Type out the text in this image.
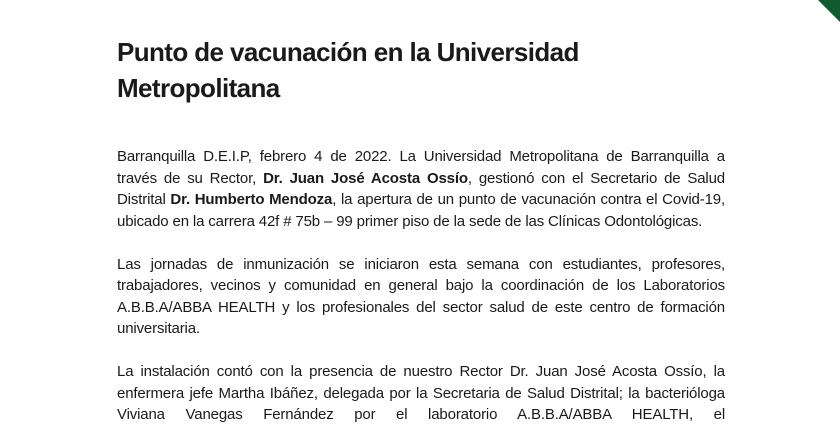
Punto de vacunación en la Universidad Metropolitana

Barranquilla D.E.I.P, febrero 4 de 2022. La Universidad Metropolitana de Barranquilla a través de su Rector, Dr. Juan José Acosta Ossío, gestionó con el Secretario de Salud Distrital Dr. Humberto Mendoza, la apertura de un punto de vacunación contra el Covid-19, ubicado en la carrera 42f # 75b – 99 primer piso de la sede de las Clínicas Odontológicas.

Las jornadas de inmunización se iniciaron esta semana con estudiantes, profesores, trabajadores, vecinos y comunidad en general bajo la coordinación de los Laboratorios A.B.B.A/ABBA HEALTH y los profesionales del sector salud de este centro de formación universitaria.

La instalación contó con la presencia de nuestro Rector Dr. Juan José Acosta Ossío, la enfermera jefe Martha Ibáñez, delegada por la Secretaria de Salud Distrital; la bacterióloga Viviana Vanegas Fernández por el laboratorio A.B.B.A/ABBA HEALTH, el
